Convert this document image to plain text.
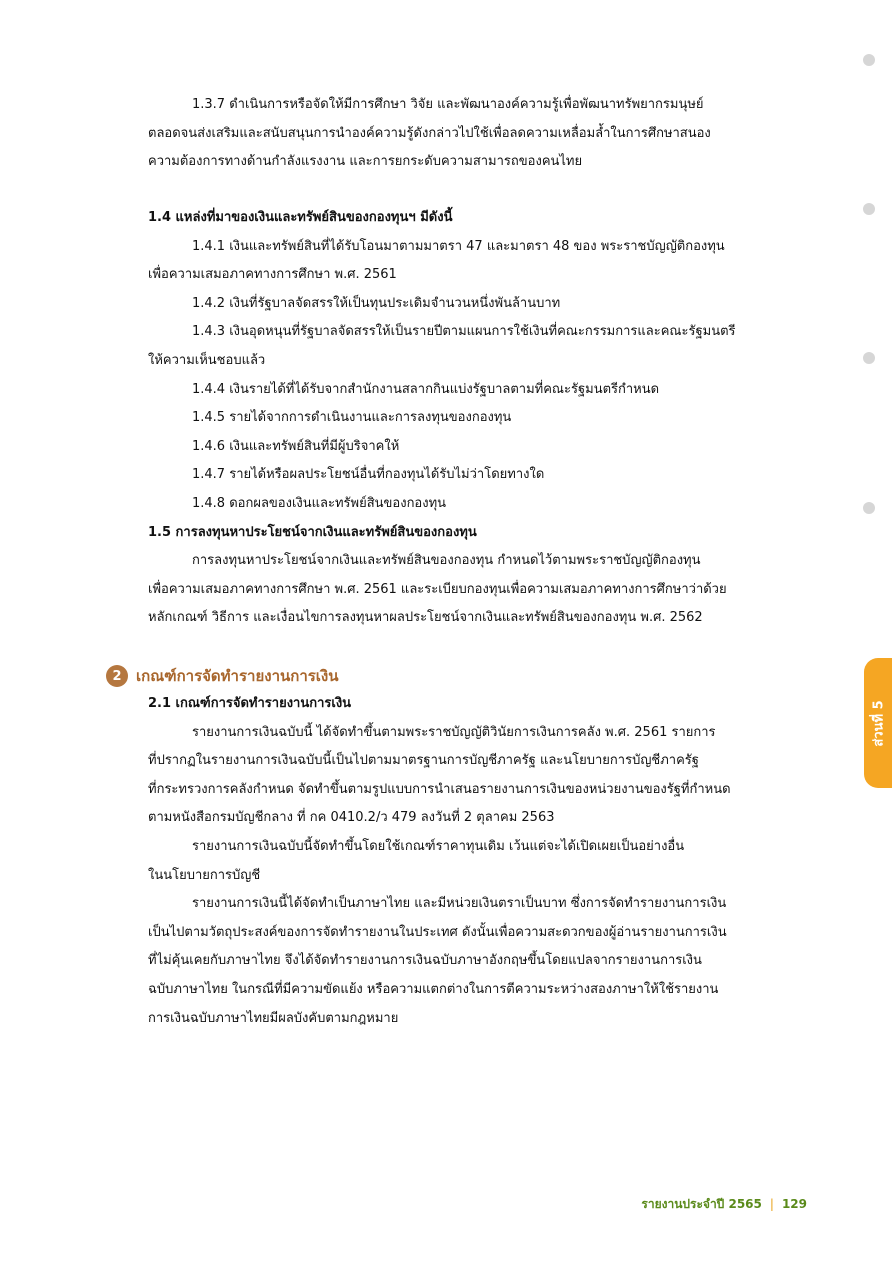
ส่วนที่ 5

1.3.7 ดำเนินการหรือจัดให้มีการศึกษา วิจัย และพัฒนาองค์ความรู้เพื่อพัฒนาทรัพยากรมนุษย์

ตลอดจนส่งเสริมและสนับสนุนการนำองค์ความรู้ดังกล่าวไปใช้เพื่อลดความเหลื่อมล้ำในการศึกษาสนอง

ความต้องการทางด้านกำลังแรงงาน และการยกระดับความสามารถของคนไทย

1.4 แหล่งที่มาของเงินและทรัพย์สินของกองทุนฯ มีดังนี้

1.4.1 เงินและทรัพย์สินที่ได้รับโอนมาตามมาตรา 47 และมาตรา 48 ของ พระราชบัญญัติกองทุน

เพื่อความเสมอภาคทางการศึกษา พ.ศ. 2561

1.4.2 เงินที่รัฐบาลจัดสรรให้เป็นทุนประเดิมจำนวนหนึ่งพันล้านบาท

1.4.3 เงินอุดหนุนที่รัฐบาลจัดสรรให้เป็นรายปีตามแผนการใช้เงินที่คณะกรรมการและคณะรัฐมนตรี

ให้ความเห็นชอบแล้ว

1.4.4 เงินรายได้ที่ได้รับจากสำนักงานสลากกินแบ่งรัฐบาลตามที่คณะรัฐมนตรีกำหนด

1.4.5 รายได้จากการดำเนินงานและการลงทุนของกองทุน

1.4.6 เงินและทรัพย์สินที่มีผู้บริจาคให้

1.4.7 รายได้หรือผลประโยชน์อื่นที่กองทุนได้รับไม่ว่าโดยทางใด

1.4.8 ดอกผลของเงินและทรัพย์สินของกองทุน

1.5 การลงทุนหาประโยชน์จากเงินและทรัพย์สินของกองทุน

การลงทุนหาประโยชน์จากเงินและทรัพย์สินของกองทุน กำหนดไว้ตามพระราชบัญญัติกองทุน

เพื่อความเสมอภาคทางการศึกษา พ.ศ. 2561 และระเบียบกองทุนเพื่อความเสมอภาคทางการศึกษาว่าด้วย

หลักเกณฑ์ วิธีการ และเงื่อนไขการลงทุนหาผลประโยชน์จากเงินและทรัพย์สินของกองทุน พ.ศ. 2562

2 เกณฑ์การจัดทำรายงานการเงิน
2.1 เกณฑ์การจัดทำรายงานการเงิน

รายงานการเงินฉบับนี้ ได้จัดทำขึ้นตามพระราชบัญญัติวินัยการเงินการคลัง พ.ศ. 2561 รายการ

ที่ปรากฏในรายงานการเงินฉบับนี้เป็นไปตามมาตรฐานการบัญชีภาครัฐ และนโยบายการบัญชีภาครัฐ

ที่กระทรวงการคลังกำหนด จัดทำขึ้นตามรูปแบบการนำเสนอรายงานการเงินของหน่วยงานของรัฐที่กำหนด

ตามหนังสือกรมบัญชีกลาง ที่ กค 0410.2/ว 479 ลงวันที่ 2 ตุลาคม 2563

รายงานการเงินฉบับนี้จัดทำขึ้นโดยใช้เกณฑ์ราคาทุนเดิม เว้นแต่จะได้เปิดเผยเป็นอย่างอื่น

ในนโยบายการบัญชี

รายงานการเงินนี้ได้จัดทำเป็นภาษาไทย และมีหน่วยเงินตราเป็นบาท ซึ่งการจัดทำรายงานการเงิน

เป็นไปตามวัตถุประสงค์ของการจัดทำรายงานในประเทศ ดังนั้นเพื่อความสะดวกของผู้อ่านรายงานการเงิน

ที่ไม่คุ้นเคยกับภาษาไทย จึงได้จัดทำรายงานการเงินฉบับภาษาอังกฤษขึ้นโดยแปลจากรายงานการเงิน

ฉบับภาษาไทย ในกรณีที่มีความขัดแย้ง หรือความแตกต่างในการตีความระหว่างสองภาษาให้ใช้รายงาน

การเงินฉบับภาษาไทยมีผลบังคับตามกฎหมาย

รายงานประจำปี 2565 | 129
